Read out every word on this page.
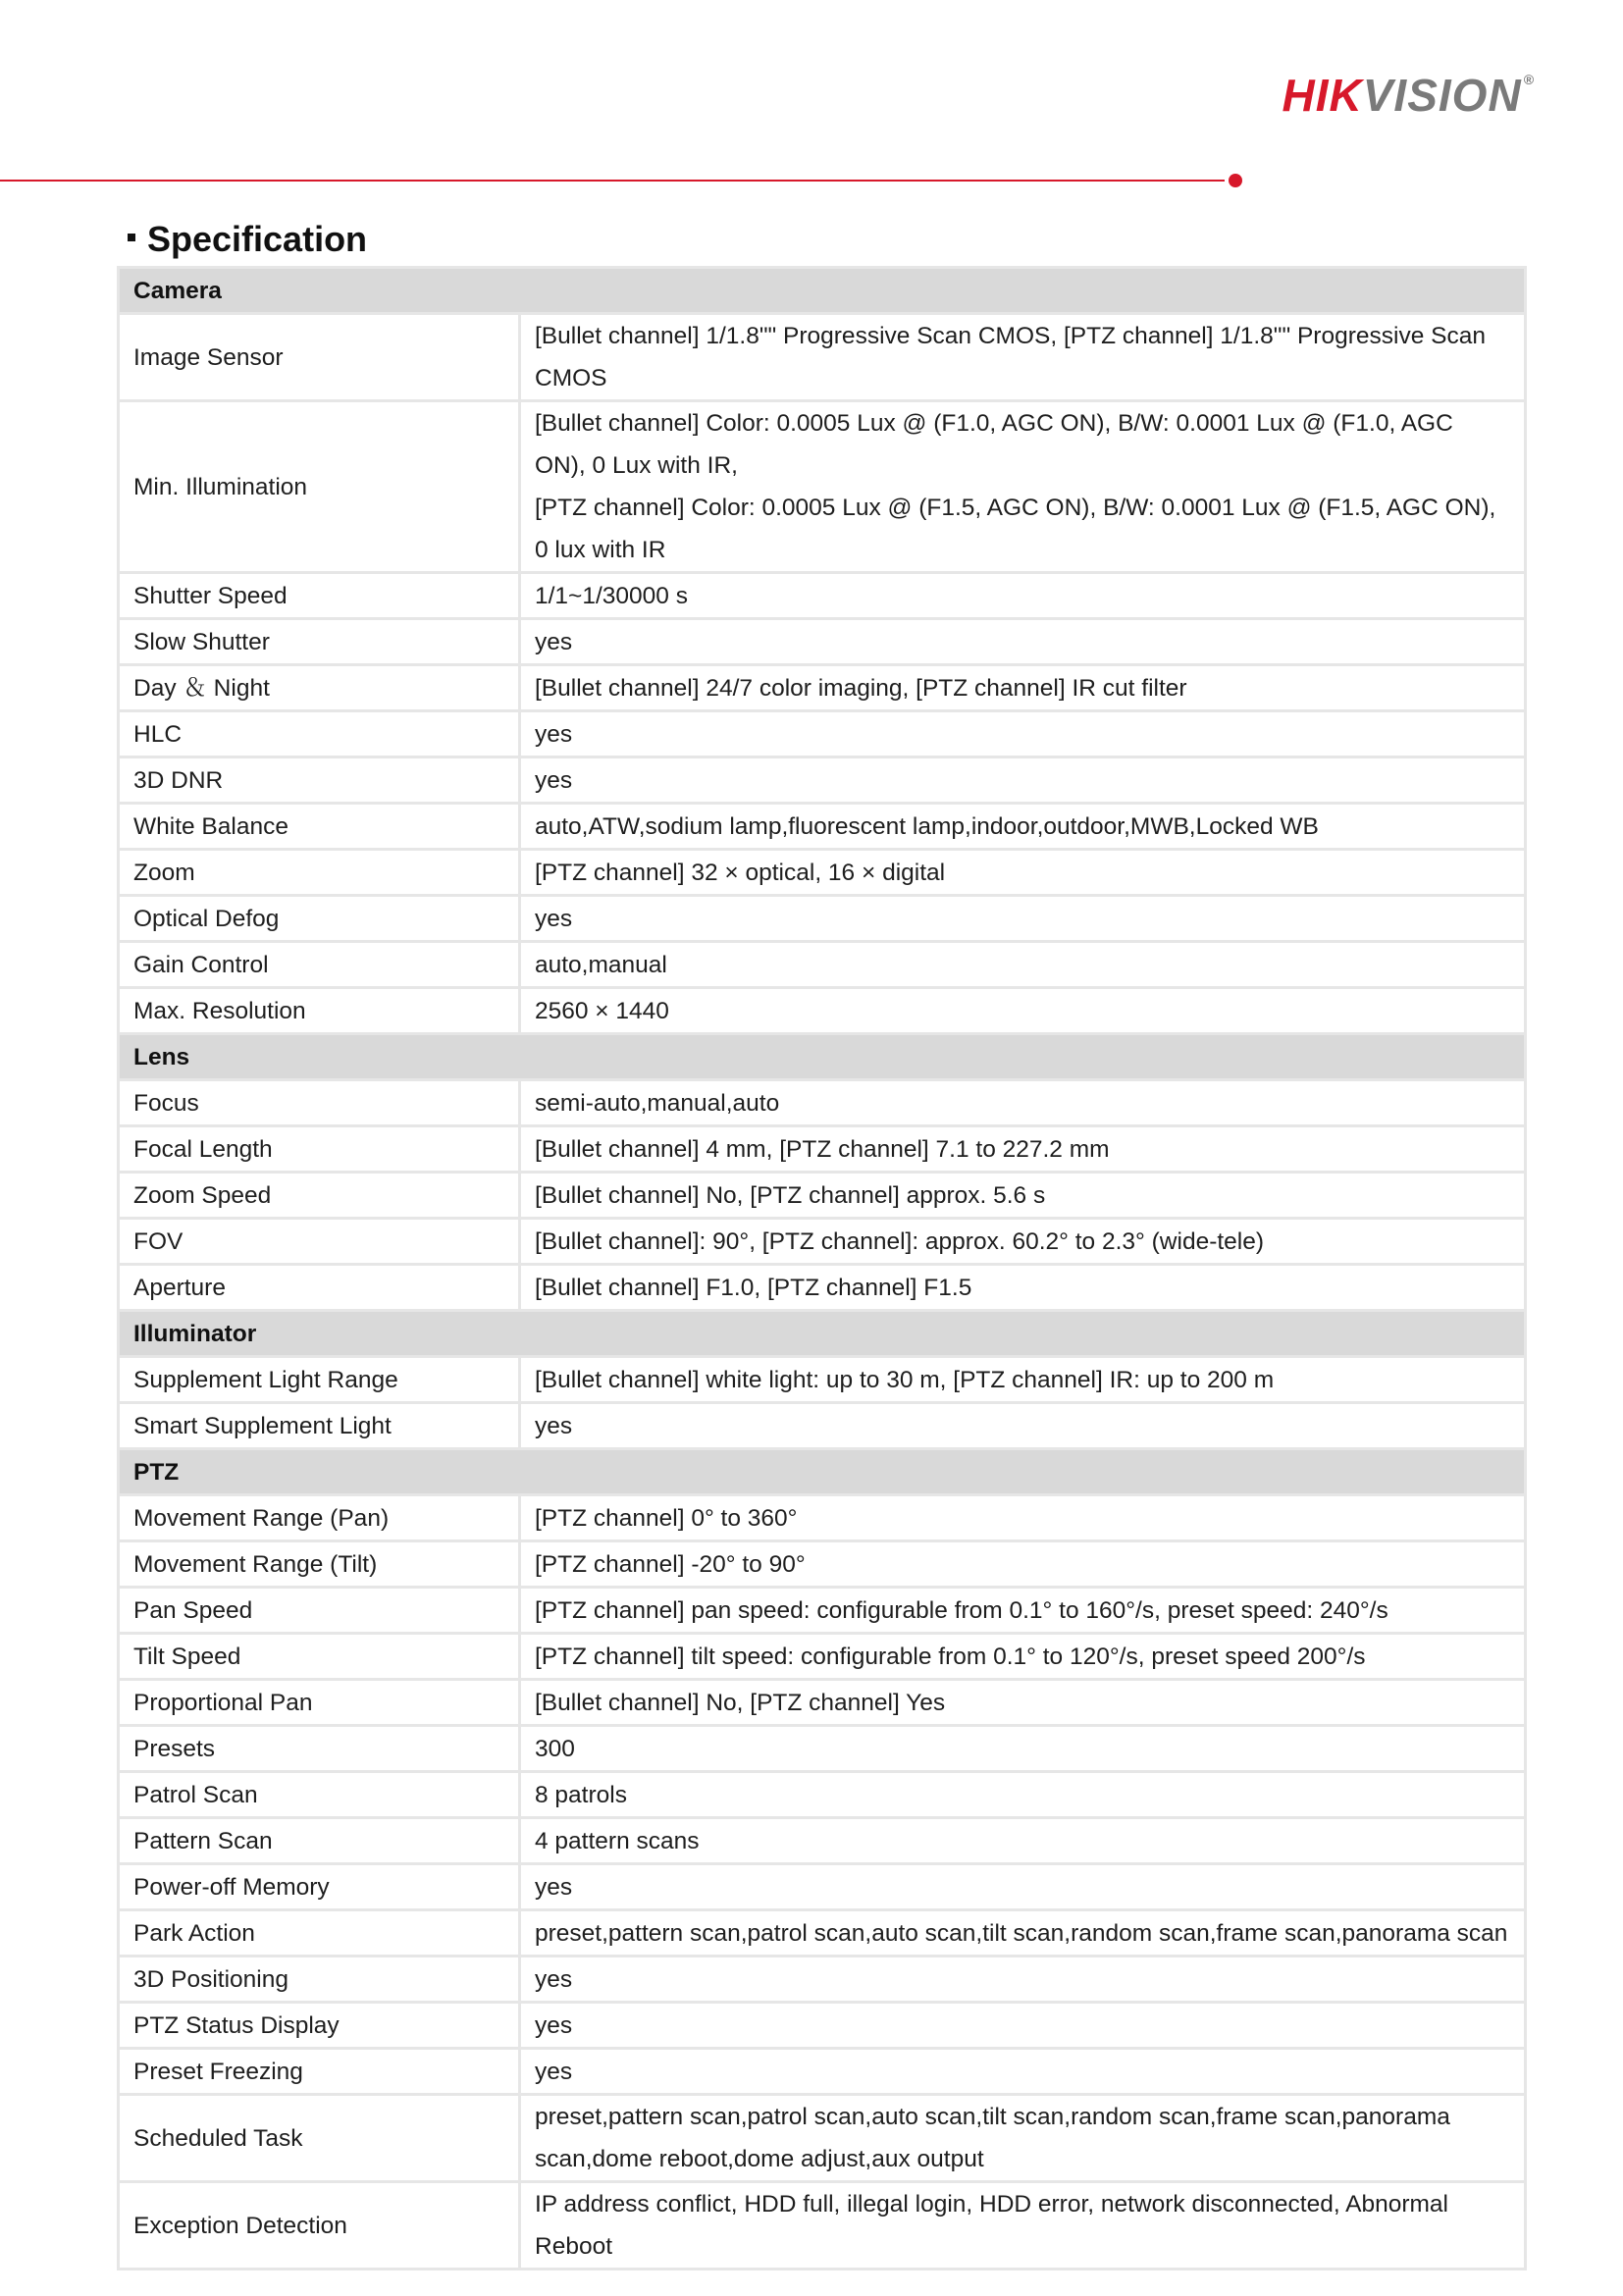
HIKVISION ®
Specification
Camera	
Image Sensor	[Bullet channel] 1/1.8"" Progressive Scan CMOS, [PTZ channel] 1/1.8"" Progressive Scan CMOS
Min. Illumination	[Bullet channel] Color: 0.0005 Lux @ (F1.0, AGC ON), B/W: 0.0001 Lux @ (F1.0, AGC ON), 0 Lux with IR,
[PTZ channel] Color: 0.0005 Lux @ (F1.5, AGC ON), B/W: 0.0001 Lux @ (F1.5, AGC ON), 0 lux with IR
Shutter Speed	1/1~1/30000 s
Slow Shutter	yes
Day ＆ Night	[Bullet channel] 24/7 color imaging, [PTZ channel] IR cut filter
HLC	yes
3D DNR	yes
White Balance	auto,ATW,sodium lamp,fluorescent lamp,indoor,outdoor,MWB,Locked WB
Zoom	[PTZ channel] 32 × optical, 16 × digital
Optical Defog	yes
Gain Control	auto,manual
Max. Resolution	2560 × 1440
Lens	
Focus	semi-auto,manual,auto
Focal Length	[Bullet channel] 4 mm, [PTZ channel] 7.1 to 227.2 mm
Zoom Speed	[Bullet channel] No, [PTZ channel] approx. 5.6 s
FOV	[Bullet channel]: 90°, [PTZ channel]: approx. 60.2° to 2.3° (wide-tele)
Aperture	[Bullet channel] F1.0, [PTZ channel] F1.5
Illuminator	
Supplement Light Range	[Bullet channel] white light: up to 30 m, [PTZ channel] IR: up to 200 m
Smart Supplement Light	yes
PTZ	
Movement Range (Pan)	[PTZ channel] 0° to 360°
Movement Range (Tilt)	[PTZ channel] -20° to 90°
Pan Speed	[PTZ channel] pan speed: configurable from 0.1° to 160°/s, preset speed: 240°/s
Tilt Speed	[PTZ channel] tilt speed: configurable from 0.1° to 120°/s, preset speed 200°/s
Proportional Pan	[Bullet channel] No, [PTZ channel] Yes
Presets	300
Patrol Scan	8 patrols
Pattern Scan	4 pattern scans
Power-off Memory	yes
Park Action	preset,pattern scan,patrol scan,auto scan,tilt scan,random scan,frame scan,panorama scan
3D Positioning	yes
PTZ Status Display	yes
Preset Freezing	yes
Scheduled Task	preset,pattern scan,patrol scan,auto scan,tilt scan,random scan,frame scan,panorama scan,dome reboot,dome adjust,aux output
Exception Detection	IP address conflict, HDD full, illegal login, HDD error, network disconnected, Abnormal Reboot
